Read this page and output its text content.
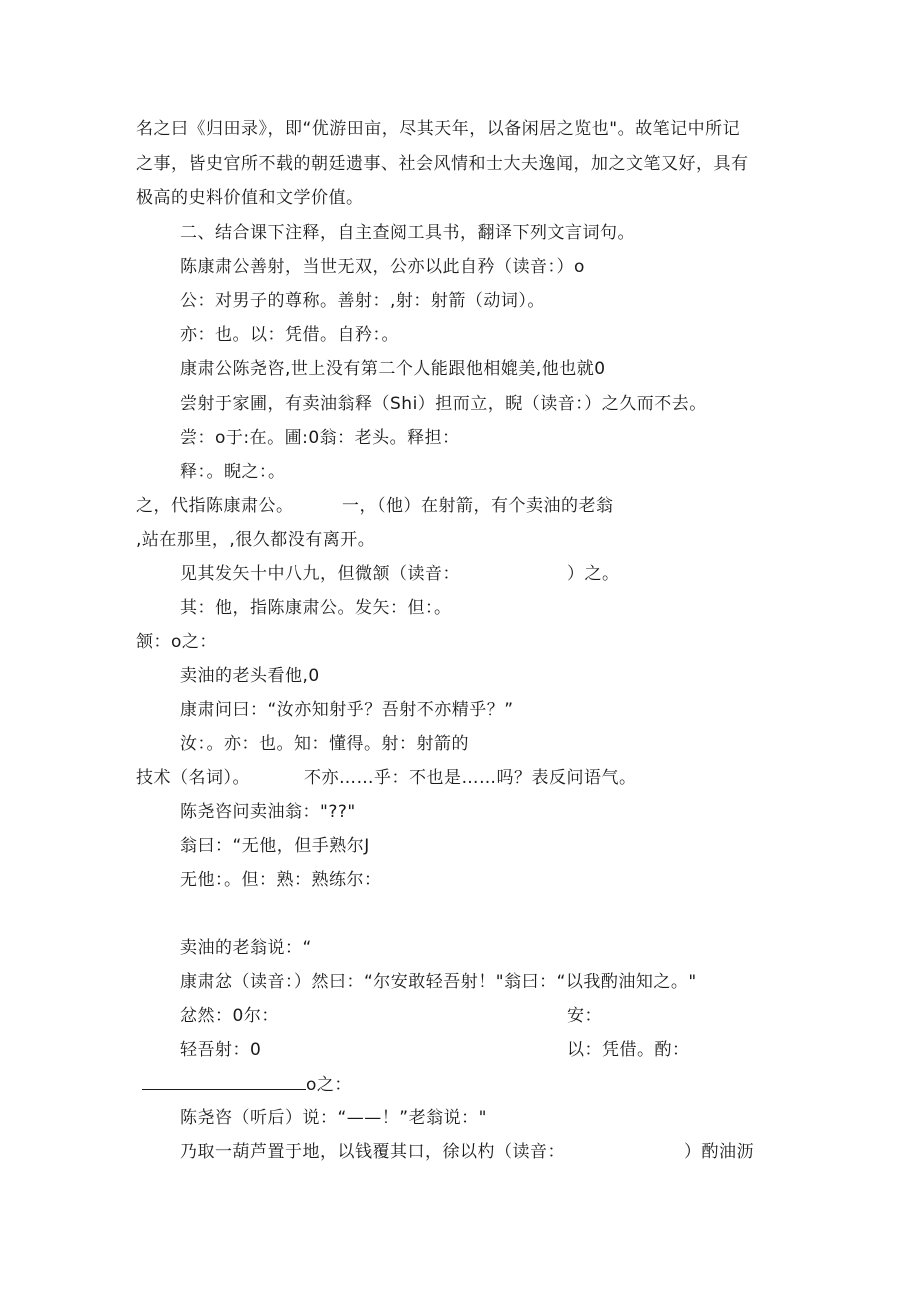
名之曰《归田录》，即“优游田亩，尽其天年，以备闲居之览也"。故笔记中所记
之事，皆史官所不载的朝廷遗事、社会风情和士大夫逸闻，加之文笔又好，具有
极高的史料价值和文学价值。
二、结合课下注释，自主查阅工具书，翻译下列文言词句。
陈康肃公善射，当世无双，公亦以此自矜（读音：）o
公：对男子的尊称。善射：,射：射箭（动词）。
亦：也。以：凭借。自矜：。
康肃公陈尧咨,世上没有第二个人能跟他相媲美,他也就0
尝射于家圃，有卖油翁释（Shi）担而立，睨（读音：）之久而不去。
尝：o于:在。圃:0翁：老头。释担：
释：。睨之：。
之，代指陈康肃公。	一，（他）在射箭，有个卖油的老翁
,站在那里，,很久都没有离开。
见其发矢十中八九，但微颔（读音：	）之。
其：他，指陈康肃公。发矢：但：。
颔：o之：
卖油的老头看他,0
康肃问曰：“汝亦知射乎？吾射不亦精乎？”
汝：。亦：也。知：懂得。射：射箭的
技术（名词）。	不亦……乎：不也是……吗？表反问语气。
陈尧咨问卖油翁："??"
翁曰：“无他，但手熟尔J
无他：。但：熟：熟练尔：
卖油的老翁说：“
康肃忿（读音：）然曰：“尔安敢轻吾射！"翁曰：“以我酌油知之。"
忿然：0尔：	安：
轻吾射：0	以：凭借。酌：
o之：
陈尧咨（听后）说：“——！”老翁说："
乃取一葫芦置于地，以钱覆其口，徐以杓（读音：	）酌油沥
